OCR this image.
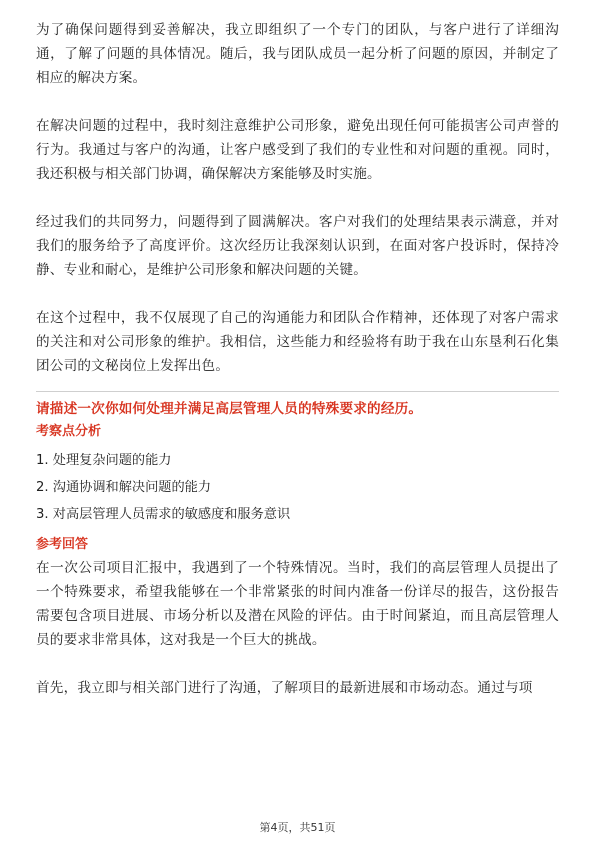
为了确保问题得到妥善解决，我立即组织了一个专门的团队，与客户进行了详细沟通，了解了问题的具体情况。随后，我与团队成员一起分析了问题的原因，并制定了相应的解决方案。

在解决问题的过程中，我时刻注意维护公司形象，避免出现任何可能损害公司声誉的行为。我通过与客户的沟通，让客户感受到了我们的专业性和对问题的重视。同时，我还积极与相关部门协调，确保解决方案能够及时实施。

经过我们的共同努力，问题得到了圆满解决。客户对我们的处理结果表示满意，并对我们的服务给予了高度评价。这次经历让我深刻认识到，在面对客户投诉时，保持冷静、专业和耐心，是维护公司形象和解决问题的关键。

在这个过程中，我不仅展现了自己的沟通能力和团队合作精神，还体现了对客户需求的关注和对公司形象的维护。我相信，这些能力和经验将有助于我在山东垦利石化集团公司的文秘岗位上发挥出色。

请描述一次你如何处理并满足高层管理人员的特殊要求的经历。

考察点分析

1. 处理复杂问题的能力
2. 沟通协调和解决问题的能力
3. 对高层管理人员需求的敏感度和服务意识

参考回答

在一次公司项目汇报中，我遇到了一个特殊情况。当时，我们的高层管理人员提出了一个特殊要求，希望我能够在一个非常紧张的时间内准备一份详尽的报告，这份报告需要包含项目进展、市场分析以及潜在风险的评估。由于时间紧迫，而且高层管理人员的要求非常具体，这对我是一个巨大的挑战。

首先，我立即与相关部门进行了沟通，了解项目的最新进展和市场动态。通过与项

第4页，共51页
